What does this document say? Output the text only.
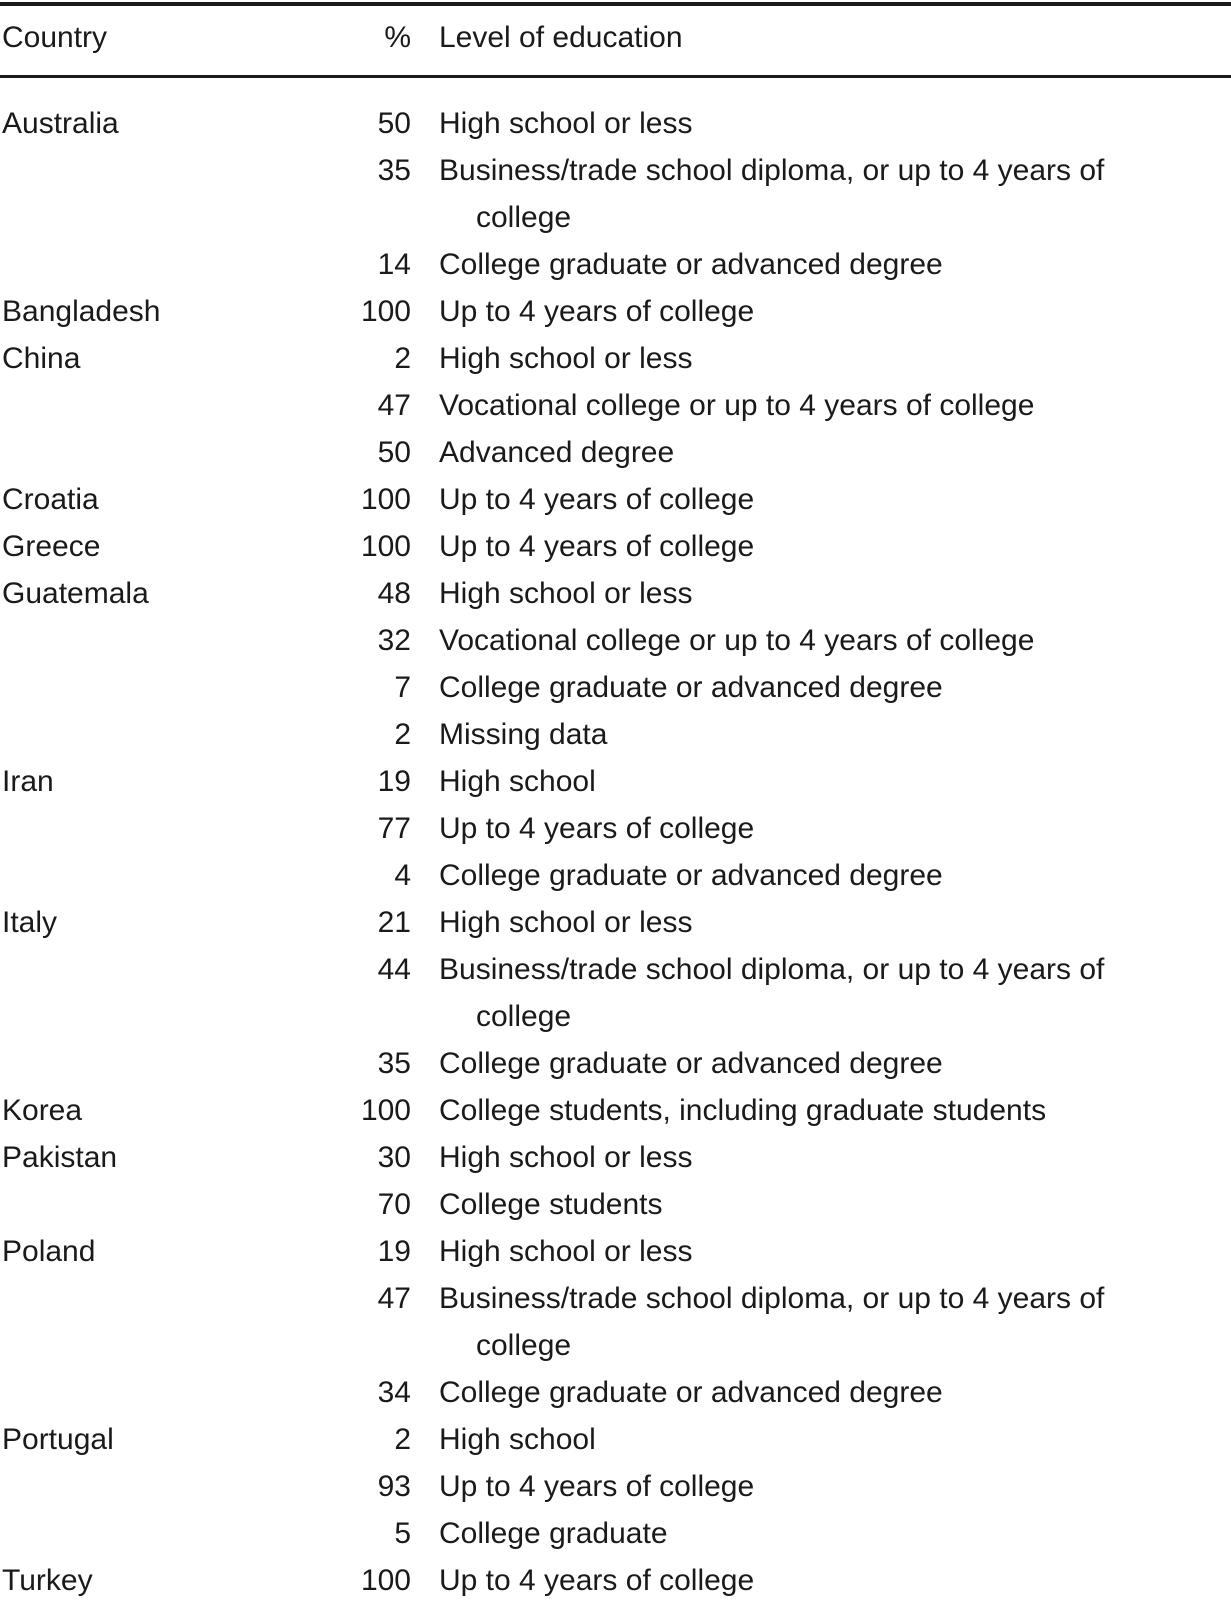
Country	%	Level of education

Australia	50	High school or less
	35	Business/trade school diploma, or up to 4 years of college
	14	College graduate or advanced degree
Bangladesh	100	Up to 4 years of college
China	2	High school or less
	47	Vocational college or up to 4 years of college
	50	Advanced degree
Croatia	100	Up to 4 years of college
Greece	100	Up to 4 years of college
Guatemala	48	High school or less
	32	Vocational college or up to 4 years of college
	7	College graduate or advanced degree
	2	Missing data
Iran	19	High school
	77	Up to 4 years of college
	4	College graduate or advanced degree
Italy	21	High school or less
	44	Business/trade school diploma, or up to 4 years of college
	35	College graduate or advanced degree
Korea	100	College students, including graduate students
Pakistan	30	High school or less
	70	College students
Poland	19	High school or less
	47	Business/trade school diploma, or up to 4 years of college
	34	College graduate or advanced degree
Portugal	2	High school
	93	Up to 4 years of college
	5	College graduate
Turkey	100	Up to 4 years of college
